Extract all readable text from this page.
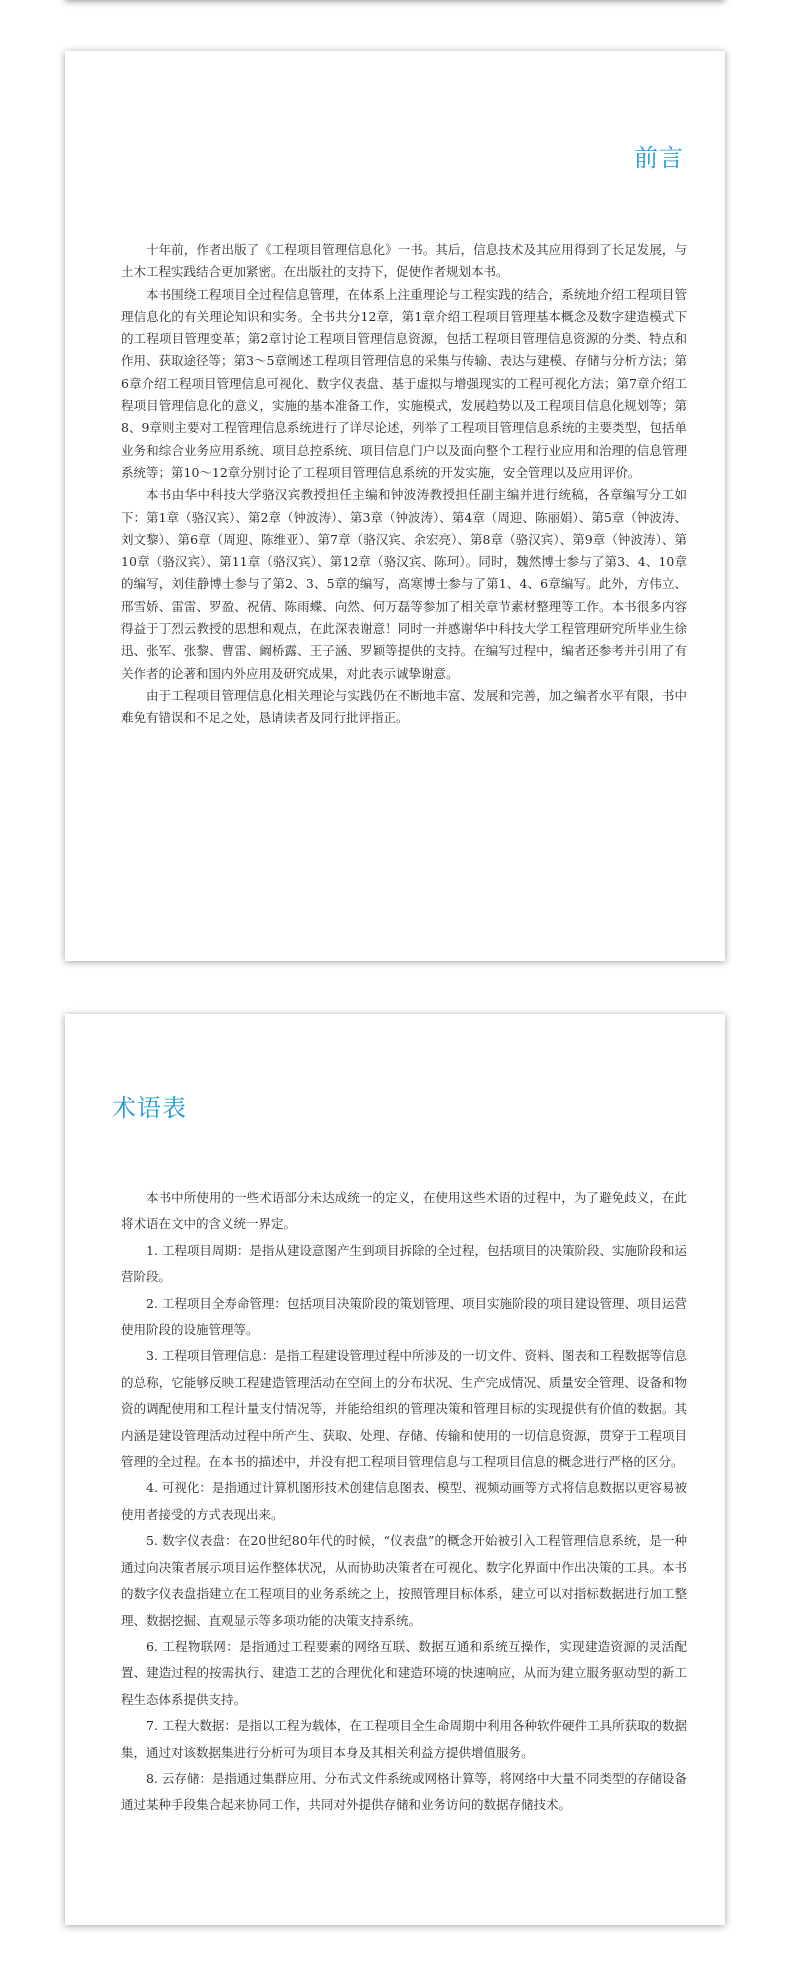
前言

十年前，作者出版了《工程项目管理信息化》一书。其后，信息技术及其应用得到了长足发展，与土木工程实践结合更加紧密。在出版社的支持下，促使作者规划本书。

本书围绕工程项目全过程信息管理，在体系上注重理论与工程实践的结合，系统地介绍工程项目管理信息化的有关理论知识和实务。全书共分12章，第1章介绍工程项目管理基本概念及数字建造模式下的工程项目管理变革；第2章讨论工程项目管理信息资源，包括工程项目管理信息资源的分类、特点和作用、获取途径等；第3～5章阐述工程项目管理信息的采集与传输、表达与建模、存储与分析方法；第6章介绍工程项目管理信息可视化、数字仪表盘、基于虚拟与增强现实的工程可视化方法；第7章介绍工程项目管理信息化的意义，实施的基本准备工作，实施模式，发展趋势以及工程项目信息化规划等；第8、9章则主要对工程管理信息系统进行了详尽论述，列举了工程项目管理信息系统的主要类型，包括单业务和综合业务应用系统、项目总控系统、项目信息门户以及面向整个工程行业应用和治理的信息管理系统等；第10～12章分别讨论了工程项目管理信息系统的开发实施，安全管理以及应用评价。

本书由华中科技大学骆汉宾教授担任主编和钟波涛教授担任副主编并进行统稿，各章编写分工如下：第1章（骆汉宾）、第2章（钟波涛）、第3章（钟波涛）、第4章（周迎、陈丽娟）、第5章（钟波涛、刘文黎）、第6章（周迎、陈维亚）、第7章（骆汉宾、余宏亮）、第8章（骆汉宾）、第9章（钟波涛）、第10章（骆汉宾）、第11章（骆汉宾）、第12章（骆汉宾、陈珂）。同时，魏然博士参与了第3、4、10章的编写，刘佳静博士参与了第2、3、5章的编写，高寒博士参与了第1、4、6章编写。此外，方伟立、邢雪娇、雷雷、罗盈、祝倩、陈雨蝶、向然、何万磊等参加了相关章节素材整理等工作。本书很多内容得益于丁烈云教授的思想和观点，在此深表谢意！同时一并感谢华中科技大学工程管理研究所毕业生徐迅、张军、张黎、曹雷、阚桥露、王子涵、罗颖等提供的支持。在编写过程中，编者还参考并引用了有关作者的论著和国内外应用及研究成果，对此表示诚挚谢意。

由于工程项目管理信息化相关理论与实践仍在不断地丰富、发展和完善，加之编者水平有限，书中难免有错误和不足之处，恳请读者及同行批评指正。

术语表

本书中所使用的一些术语部分未达成统一的定义，在使用这些术语的过程中，为了避免歧义，在此将术语在文中的含义统一界定。

1. 工程项目周期：是指从建设意图产生到项目拆除的全过程，包括项目的决策阶段、实施阶段和运营阶段。

2. 工程项目全寿命管理：包括项目决策阶段的策划管理、项目实施阶段的项目建设管理、项目运营使用阶段的设施管理等。

3. 工程项目管理信息：是指工程建设管理过程中所涉及的一切文件、资料、图表和工程数据等信息的总称，它能够反映工程建造管理活动在空间上的分布状况、生产完成情况、质量安全管理、设备和物资的调配使用和工程计量支付情况等，并能给组织的管理决策和管理目标的实现提供有价值的数据。其内涵是建设管理活动过程中所产生、获取、处理、存储、传输和使用的一切信息资源，贯穿于工程项目管理的全过程。在本书的描述中，并没有把工程项目管理信息与工程项目信息的概念进行严格的区分。

4. 可视化：是指通过计算机图形技术创建信息图表、模型、视频动画等方式将信息数据以更容易被使用者接受的方式表现出来。

5. 数字仪表盘：在20世纪80年代的时候，“仪表盘”的概念开始被引入工程管理信息系统，是一种通过向决策者展示项目运作整体状况，从而协助决策者在可视化、数字化界面中作出决策的工具。本书的数字仪表盘指建立在工程项目的业务系统之上，按照管理目标体系，建立可以对指标数据进行加工整理、数据挖掘、直观显示等多项功能的决策支持系统。

6. 工程物联网：是指通过工程要素的网络互联、数据互通和系统互操作，实现建造资源的灵活配置、建造过程的按需执行、建造工艺的合理优化和建造环境的快速响应，从而为建立服务驱动型的新工程生态体系提供支持。

7. 工程大数据：是指以工程为载体，在工程项目全生命周期中利用各种软件硬件工具所获取的数据集，通过对该数据集进行分析可为项目本身及其相关利益方提供增值服务。

8. 云存储：是指通过集群应用、分布式文件系统或网格计算等，将网络中大量不同类型的存储设备通过某种手段集合起来协同工作，共同对外提供存储和业务访问的数据存储技术。
